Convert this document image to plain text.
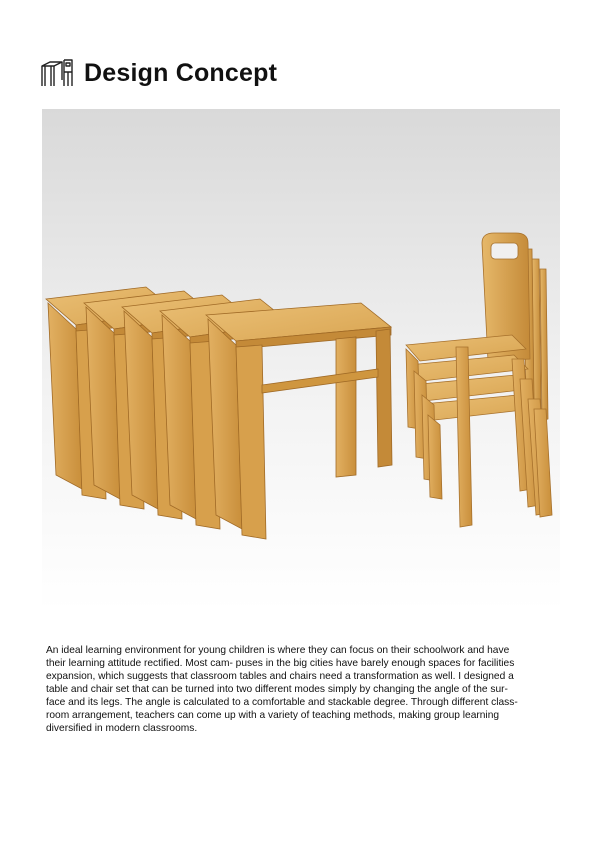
Design Concept

An ideal learning environment for young children is where they can focus on their schoolwork and have
their learning attitude rectified. Most cam- puses in the big cities have barely enough spaces for facilities
expansion, which suggests that classroom tables and chairs need a transformation as well. I designed a
table and chair set that can be turned into two different modes simply by changing the angle of the sur-
face and its legs. The angle is calculated to a comfortable and stackable degree. Through different class-
room arrangement, teachers can come up with a variety of teaching methods, making group learning
diversified in modern classrooms.
